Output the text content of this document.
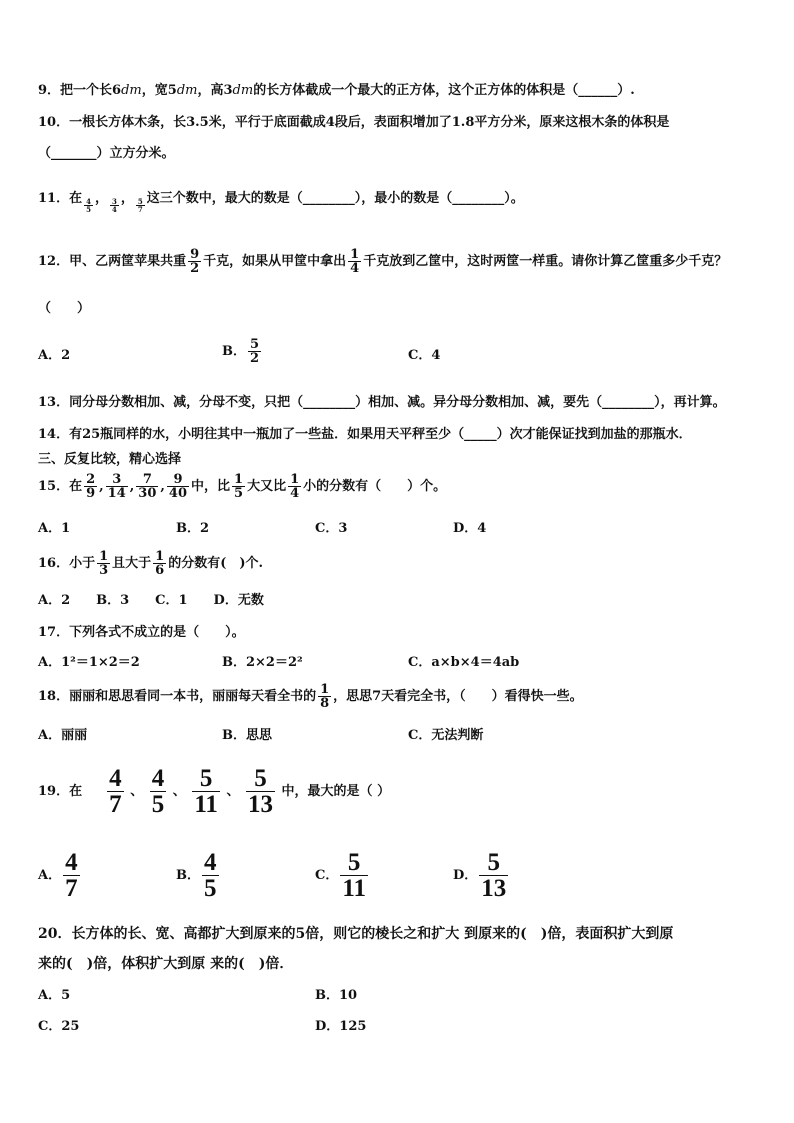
9．把一个长6dm，宽5dm，高3dm的长方体截成一个最大的正方体，这个正方体的体积是（______）.
10．一根长方体木条，长3.5米，平行于底面截成4段后，表面积增加了1.8平方分米，原来这根木条的体积是
（_______）立方分米。
11．在 $\frac{4}{5}$ ， $\frac{3}{4}$ ， $\frac{5}{7}$ 这三个数中，最大的数是（________），最小的数是（________）。
12．甲、乙两筐苹果共重 $\frac{9}{2}$ 千克，如果从甲筐中拿出 $\frac{1}{4}$ 千克放到乙筐中，这时两筐一样重。请你计算乙筐重多少千克？
（　　）
A．2	B． $\frac{5}{2}$	C．4
13．同分母分数相加、减，分母不变，只把（________）相加、减。异分母分数相加、减，要先（________），再计算。
14．有25瓶同样的水，小明往其中一瓶加了一些盐．如果用天平秤至少（_____）次才能保证找到加盐的那瓶水．
三、反复比较，精心选择
15．在 $\frac{2}{9}$ , $\frac{3}{14}$ , $\frac{7}{30}$ , $\frac{9}{40}$ 中，比 $\frac{1}{5}$ 大又比 $\frac{1}{4}$ 小的分数有（　　）个。
A．1	B．2	C．3	D．4
16．小于 $\frac{1}{3}$ 且大于 $\frac{1}{6}$ 的分数有(　)个.
A．2　　B．3　　C．1　　D．无数
17．下列各式不成立的是（　　）。
A．1²＝1×2＝2	B．2×2＝2²	C．a×b×4＝4ab
18．丽丽和思思看同一本书，丽丽每天看全书的 $\frac{1}{8}$ ，思思7天看完全书，（　　）看得快一些。
A．丽丽	B．思思	C．无法判断
19．在 $\frac{4}{7}$ 、 $\frac{4}{5}$ 、 $\frac{5}{11}$ 、 $\frac{5}{13}$ 中，最大的是（ ）
A． $\frac{4}{7}$	B． $\frac{4}{5}$	C． $\frac{5}{11}$	D． $\frac{5}{13}$
20．长方体的长、宽、高都扩大到原来的5倍，则它的棱长之和扩大 到原来的(　)倍，表面积扩大到原
来的(　)倍，体积扩大到原 来的(　)倍．
A．5	B．10
C．25	D．125
